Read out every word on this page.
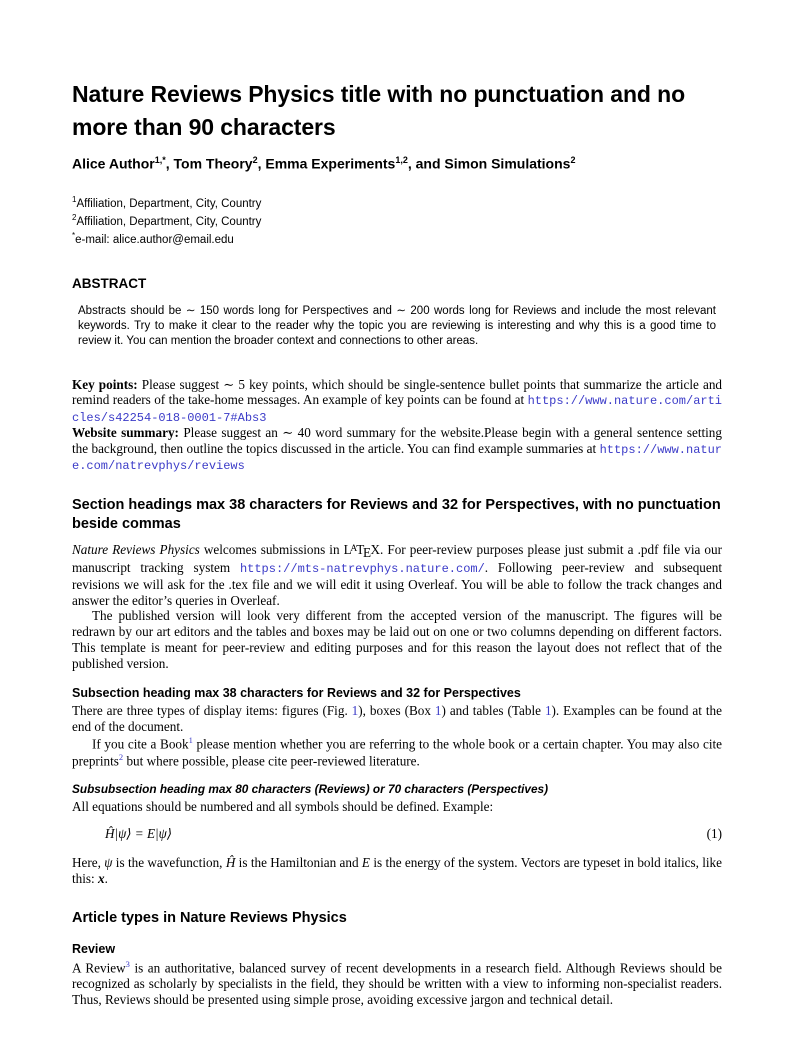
Nature Reviews Physics title with no punctuation and no more than 90 characters
Alice Author$^{1,*}$, Tom Theory$^2$, Emma Experiments$^{1,2}$, and Simon Simulations$^2$
$^1$Affiliation, Department, City, Country
$^2$Affiliation, Department, City, Country
*e-mail: alice.author@email.edu
ABSTRACT

Abstracts should be ∼ 150 words long for Perspectives and ∼ 200 words long for Reviews and include the most relevant keywords. Try to make it clear to the reader why the topic you are reviewing is interesting and why this is a good time to review it. You can mention the broader context and connections to other areas.

Key points: Please suggest ∼ 5 key points, which should be single-sentence bullet points that summarize the article and remind readers of the take-home messages. An example of key points can be found at https://www.nature.com/articles/s42254-018-0001-7#Abs3

Website summary: Please suggest an ∼ 40 word summary for the website.Please begin with a general sentence setting the background, then outline the topics discussed in the article. You can find example summaries at https://www.nature.com/natrevphys/reviews

Section headings max 38 characters for Reviews and 32 for Perspectives, with no punctuation beside commas

Nature Reviews Physics welcomes submissions in LATEX. For peer-review purposes please just submit a .pdf file via our manuscript tracking system https://mts-natrevphys.nature.com/. Following peer-review and subsequent revisions we will ask for the .tex file and we will edit it using Overleaf. You will be able to follow the track changes and answer the editor’s queries in Overleaf.

The published version will look very different from the accepted version of the manuscript. The figures will be redrawn by our art editors and the tables and boxes may be laid out on one or two columns depending on different factors. This template is meant for peer-review and editing purposes and for this reason the layout does not reflect that of the published version.

Subsection heading max 38 characters for Reviews and 32 for Perspectives

There are three types of display items: figures (Fig. 1), boxes (Box 1) and tables (Table 1). Examples can be found at the end of the document.

If you cite a Book$^1$ please mention whether you are referring to the whole book or a certain chapter. You may also cite preprints$^2$ but where possible, please cite peer-reviewed literature.

Subsubsection heading max 80 characters (Reviews) or 70 characters (Perspectives)

All equations should be numbered and all symbols should be defined. Example:

Ĥ|ψ⟩ = E|ψ⟩	(1)

Here, ψ is the wavefunction, Ĥ is the Hamiltonian and E is the energy of the system. Vectors are typeset in bold italics, like this: x.

Article types in Nature Reviews Physics
Review

A Review$^3$ is an authoritative, balanced survey of recent developments in a research field. Although Reviews should be recognized as scholarly by specialists in the field, they should be written with a view to informing non-specialist readers. Thus, Reviews should be presented using simple prose, avoiding excessive jargon and technical detail.
